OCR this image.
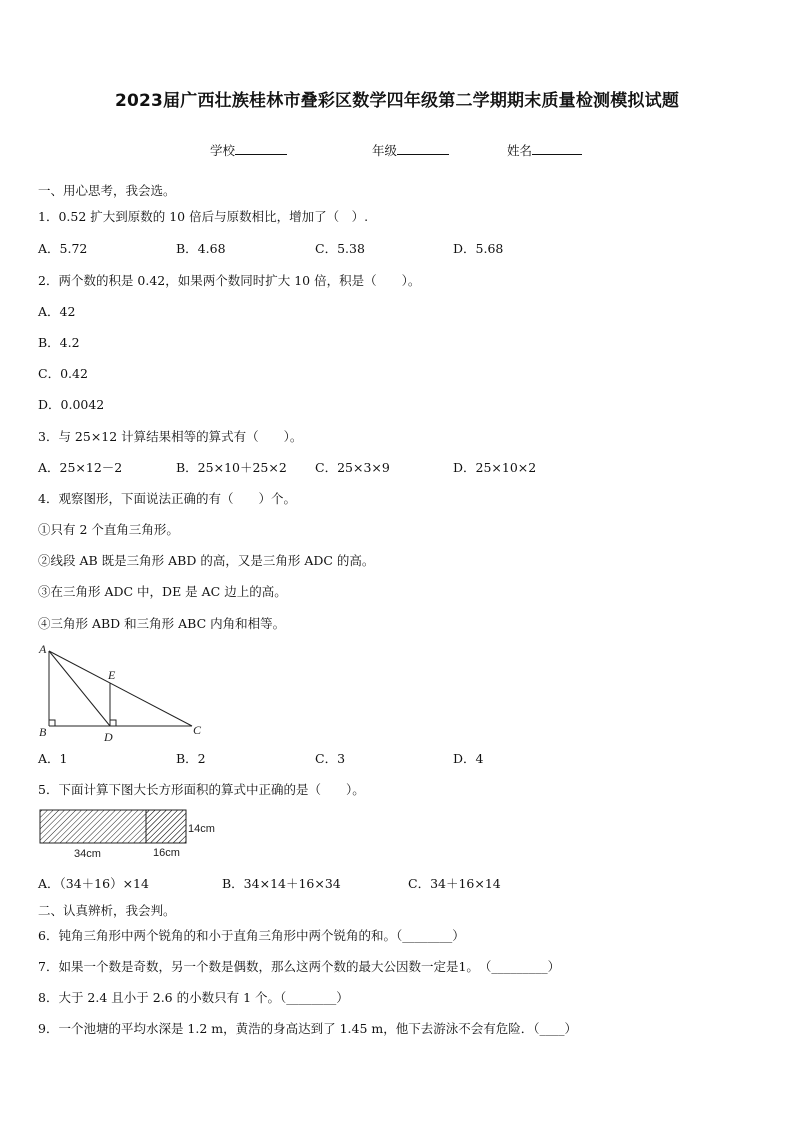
2023届广西壮族桂林市叠彩区数学四年级第二学期期末质量检测模拟试题
学校	年级	姓名
一、用心思考，我会选。
1．0.52 扩大到原数的 10 倍后与原数相比，增加了（　）.
A．5.72	B．4.68	C．5.38	D．5.68
2．两个数的积是 0.42，如果两个数同时扩大 10 倍，积是（　　）。
A．42
B．4.2
C．0.42
D．0.0042
3．与 25×12 计算结果相等的算式有（　　）。
A．25×12－2	B．25×10＋25×2 C．25×3×9	D．25×10×2
4．观察图形，下面说法正确的有（　　）个。
①只有 2 个直角三角形。
②线段 AB 既是三角形 ABD 的高，又是三角形 ADC 的高。
③在三角形 ADC 中，DE 是 AC 边上的高。
④三角形 ABD 和三角形 ABC 内角和相等。
A
B	C
D
E
A．1	B．2	C．3	D．4
5．下面计算下图大长方形面积的算式中正确的是（　　）。
14cm
34cm	16cm
A．（34＋16）×14	B．34×14＋16×34	C．34＋16×14
二、认真辨析，我会判。
6．钝角三角形中两个锐角的和小于直角三角形中两个锐角的和。（________）
7．如果一个数是奇数，另一个数是偶数，那么这两个数的最大公因数一定是1。　（_________）
8．大于 2.4 且小于 2.6 的小数只有 1 个。（________）
9．一个池塘的平均水深是 1.2 m，黄浩的身高达到了 1.45 m，他下去游泳不会有危险．（____）
